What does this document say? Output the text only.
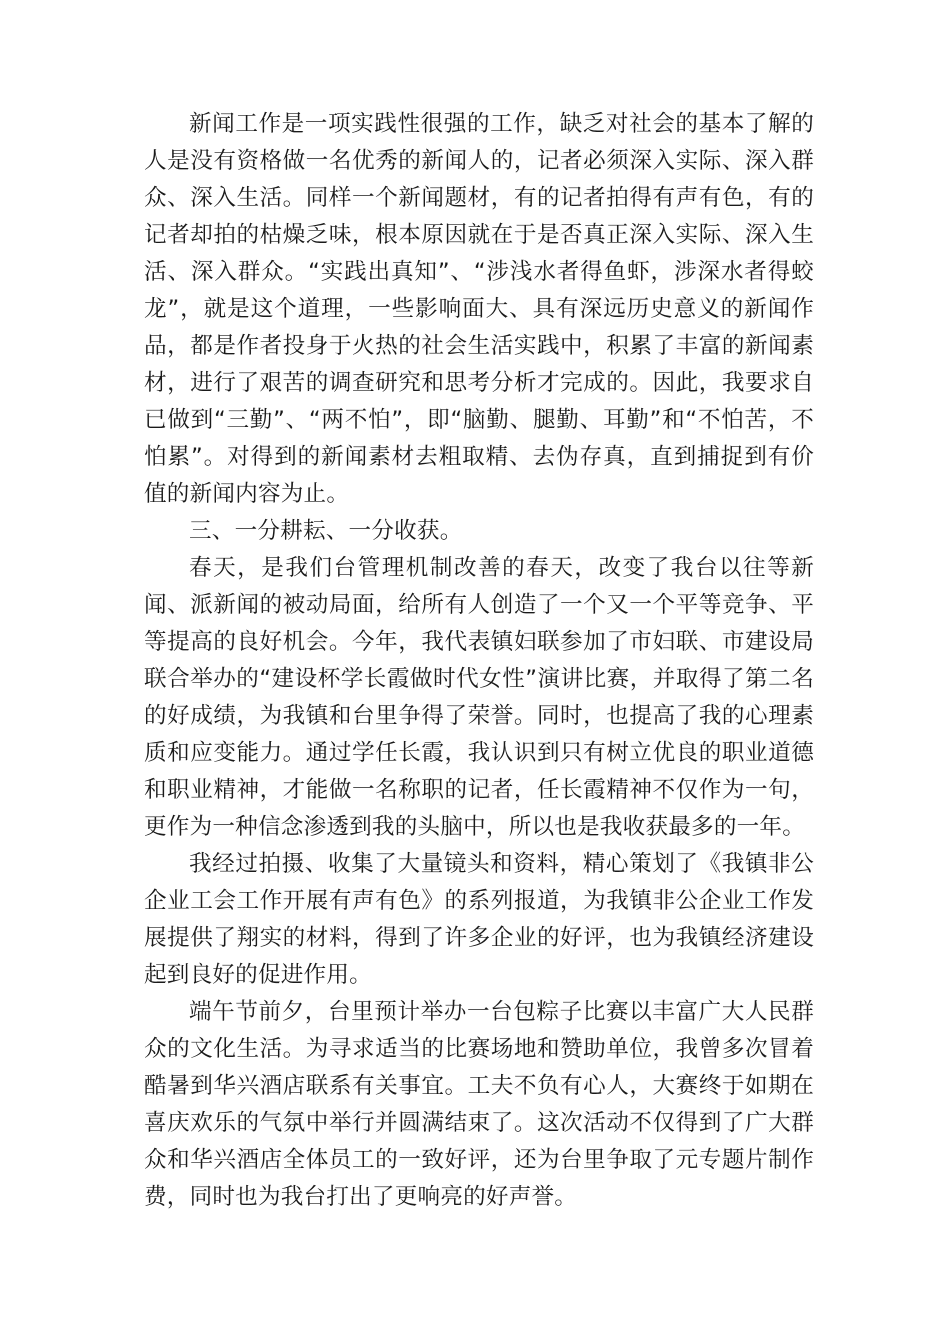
新闻工作是一项实践性很强的工作，缺乏对社会的基本了解的人是没有资格做一名优秀的新闻人的，记者必须深入实际、深入群众、深入生活。同样一个新闻题材，有的记者拍得有声有色，有的记者却拍的枯燥乏味，根本原因就在于是否真正深入实际、深入生活、深入群众。“实践出真知”、“涉浅水者得鱼虾，涉深水者得蛟龙”，就是这个道理，一些影响面大、具有深远历史意义的新闻作品，都是作者投身于火热的社会生活实践中，积累了丰富的新闻素材，进行了艰苦的调查研究和思考分析才完成的。因此，我要求自已做到“三勤”、“两不怕”，即“脑勤、腿勤、耳勤”和“不怕苦，不怕累”。对得到的新闻素材去粗取精、去伪存真，直到捕捉到有价值的新闻内容为止。

三、一分耕耘、一分收获。

春天，是我们台管理机制改善的春天，改变了我台以往等新闻、派新闻的被动局面，给所有人创造了一个又一个平等竞争、平等提高的良好机会。今年，我代表镇妇联参加了市妇联、市建设局联合举办的“建设杯学长霞做时代女性”演讲比赛，并取得了第二名的好成绩，为我镇和台里争得了荣誉。同时，也提高了我的心理素质和应变能力。通过学任长霞，我认识到只有树立优良的职业道德和职业精神，才能做一名称职的记者，任长霞精神不仅作为一句，更作为一种信念渗透到我的头脑中，所以也是我收获最多的一年。

我经过拍摄、收集了大量镜头和资料，精心策划了《我镇非公企业工会工作开展有声有色》的系列报道，为我镇非公企业工作发展提供了翔实的材料，得到了许多企业的好评，也为我镇经济建设起到良好的促进作用。

端午节前夕，台里预计举办一台包粽子比赛以丰富广大人民群众的文化生活。为寻求适当的比赛场地和赞助单位，我曾多次冒着酷暑到华兴酒店联系有关事宜。工夫不负有心人，大赛终于如期在喜庆欢乐的气氛中举行并圆满结束了。这次活动不仅得到了广大群众和华兴酒店全体员工的一致好评，还为台里争取了元专题片制作费，同时也为我台打出了更响亮的好声誉。
